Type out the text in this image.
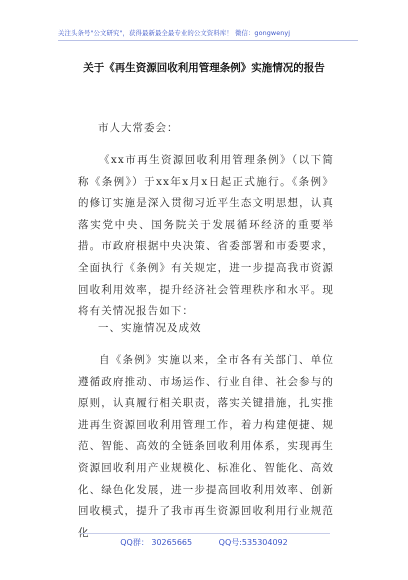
关注头条号"公文研究"，获得最新最全最专业的公文资料库！ 微信：gongwenyj
关于《再生资源回收利用管理条例》实施情况的报告
市人大常委会：
《xx市再生资源回收利用管理条例》（以下简称《条例》）于xx年x月x日起正式施行。《条例》的修订实施是深入贯彻习近平生态文明思想，认真落实党中央、国务院关于发展循环经济的重要举措。市政府根据中央决策、省委部署和市委要求，全面执行《条例》有关规定，进一步提高我市资源回收利用效率，提升经济社会管理秩序和水平。现将有关情况报告如下：
一、实施情况及成效
自《条例》实施以来，全市各有关部门、单位遵循政府推动、市场运作、行业自律、社会参与的原则，认真履行相关职责，落实关键措施，扎实推进再生资源回收利用管理工作，着力构建便捷、规范、智能、高效的全链条回收利用体系，实现再生资源回收利用产业规模化、标准化、智能化、高效化、绿色化发展，进一步提高回收利用效率、创新回收模式，提升了我市再生资源回收利用行业规范化
QQ群： 30265665	QQ号:535304092
